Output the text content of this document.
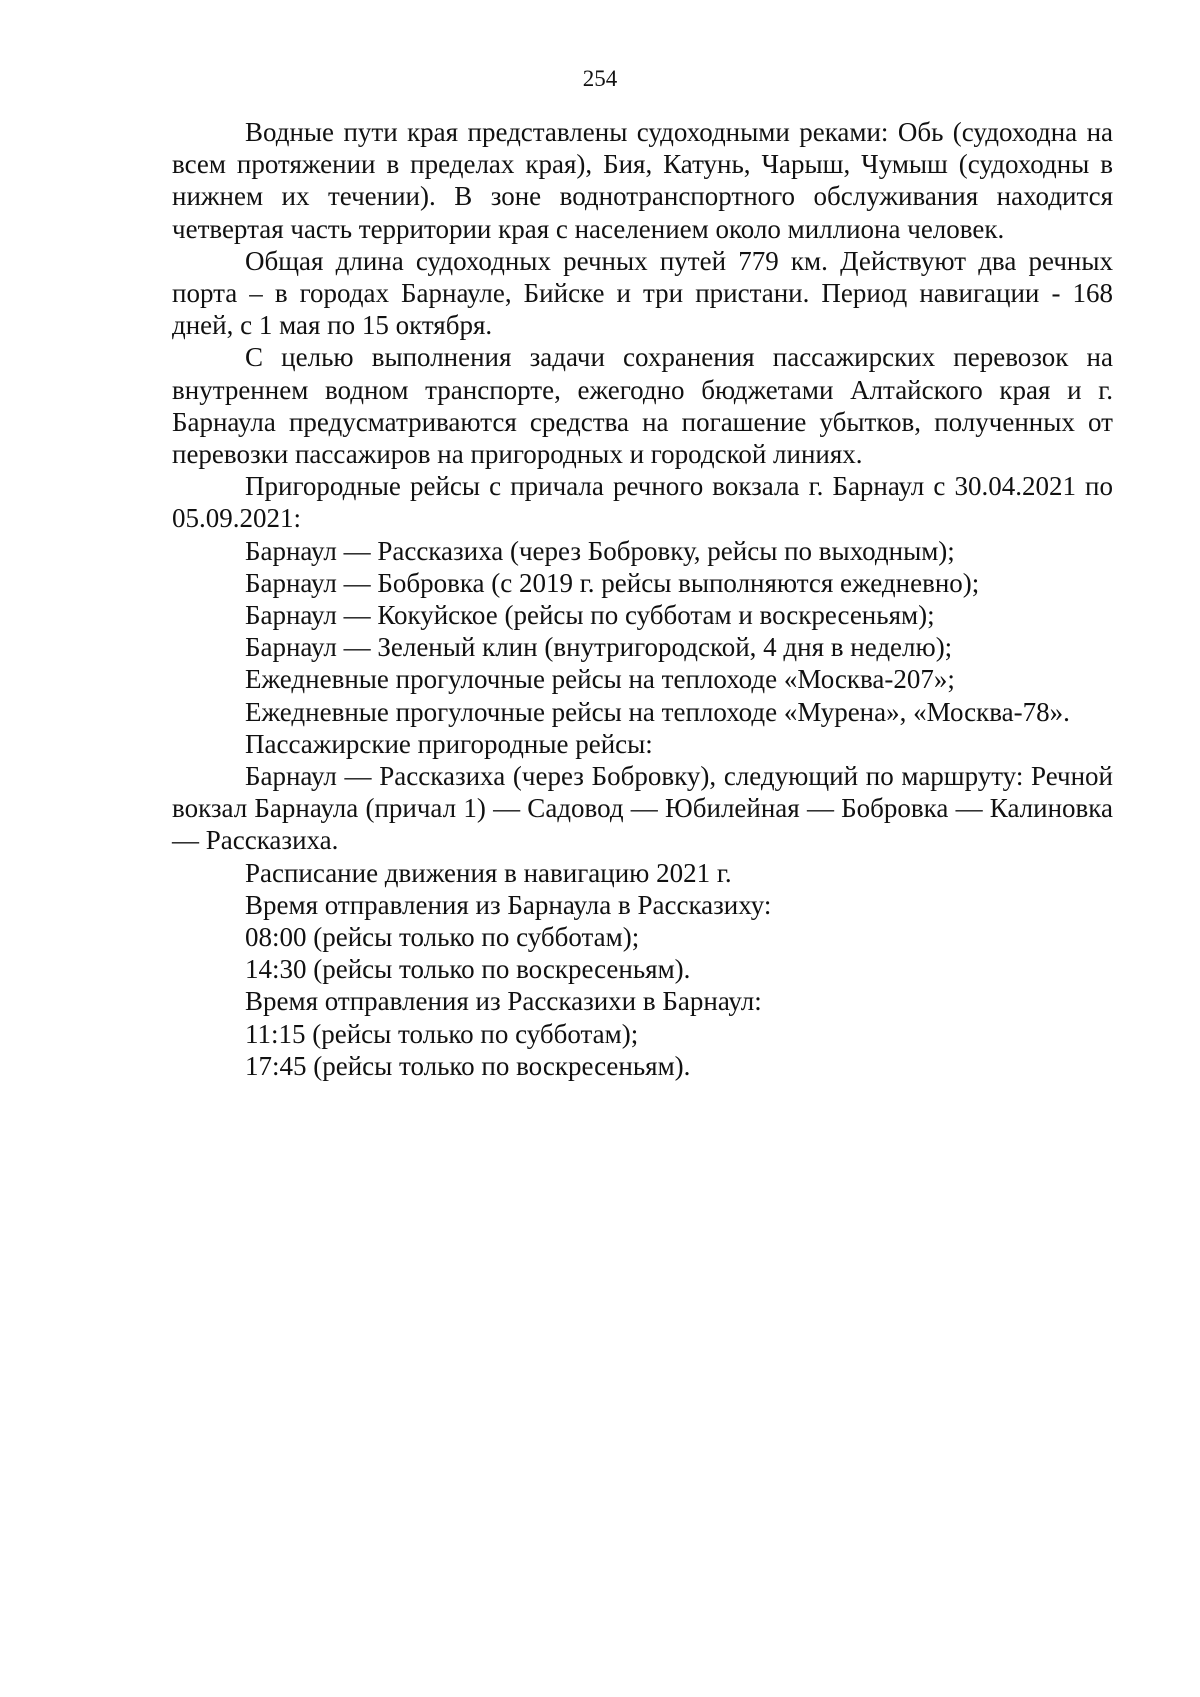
254

Водные пути края представлены судоходными реками: Обь (судоходна на всем протяжении в пределах края), Бия, Катунь, Чарыш, Чумыш (судоходны в нижнем их течении). В зоне воднотранспортного обслуживания находится четвертая часть территории края с населением около миллиона человек.

Общая длина судоходных речных путей 779 км. Действуют два речных порта – в городах Барнауле, Бийске и три пристани. Период навигации - 168 дней, с 1 мая по 15 октября.

С целью выполнения задачи сохранения пассажирских перевозок на внутреннем водном транспорте, ежегодно бюджетами Алтайского края и г. Барнаула предусматриваются средства на погашение убытков, полученных от перевозки пассажиров на пригородных и городской линиях.

Пригородные рейсы с причала речного вокзала г. Барнаул с 30.04.2021 по 05.09.2021:

Барнаул — Рассказиха (через Бобровку, рейсы по выходным);

Барнаул — Бобровка (с 2019 г. рейсы выполняются ежедневно);

Барнаул — Кокуйское (рейсы по субботам и воскресеньям);

Барнаул — Зеленый клин (внутригородской, 4 дня в неделю);

Ежедневные прогулочные рейсы на теплоходе «Москва-207»;

Ежедневные прогулочные рейсы на теплоходе «Мурена», «Москва-78».

Пассажирские пригородные рейсы:

Барнаул — Рассказиха (через Бобровку), следующий по маршруту: Речной вокзал Барнаула (причал 1) — Садовод — Юбилейная — Бобровка — Калиновка — Рассказиха.

Расписание движения в навигацию 2021 г.

Время отправления из Барнаула в Рассказиху:

08:00 (рейсы только по субботам);

14:30 (рейсы только по воскресеньям).

Время отправления из Рассказихи в Барнаул:

11:15 (рейсы только по субботам);

17:45 (рейсы только по воскресеньям).
